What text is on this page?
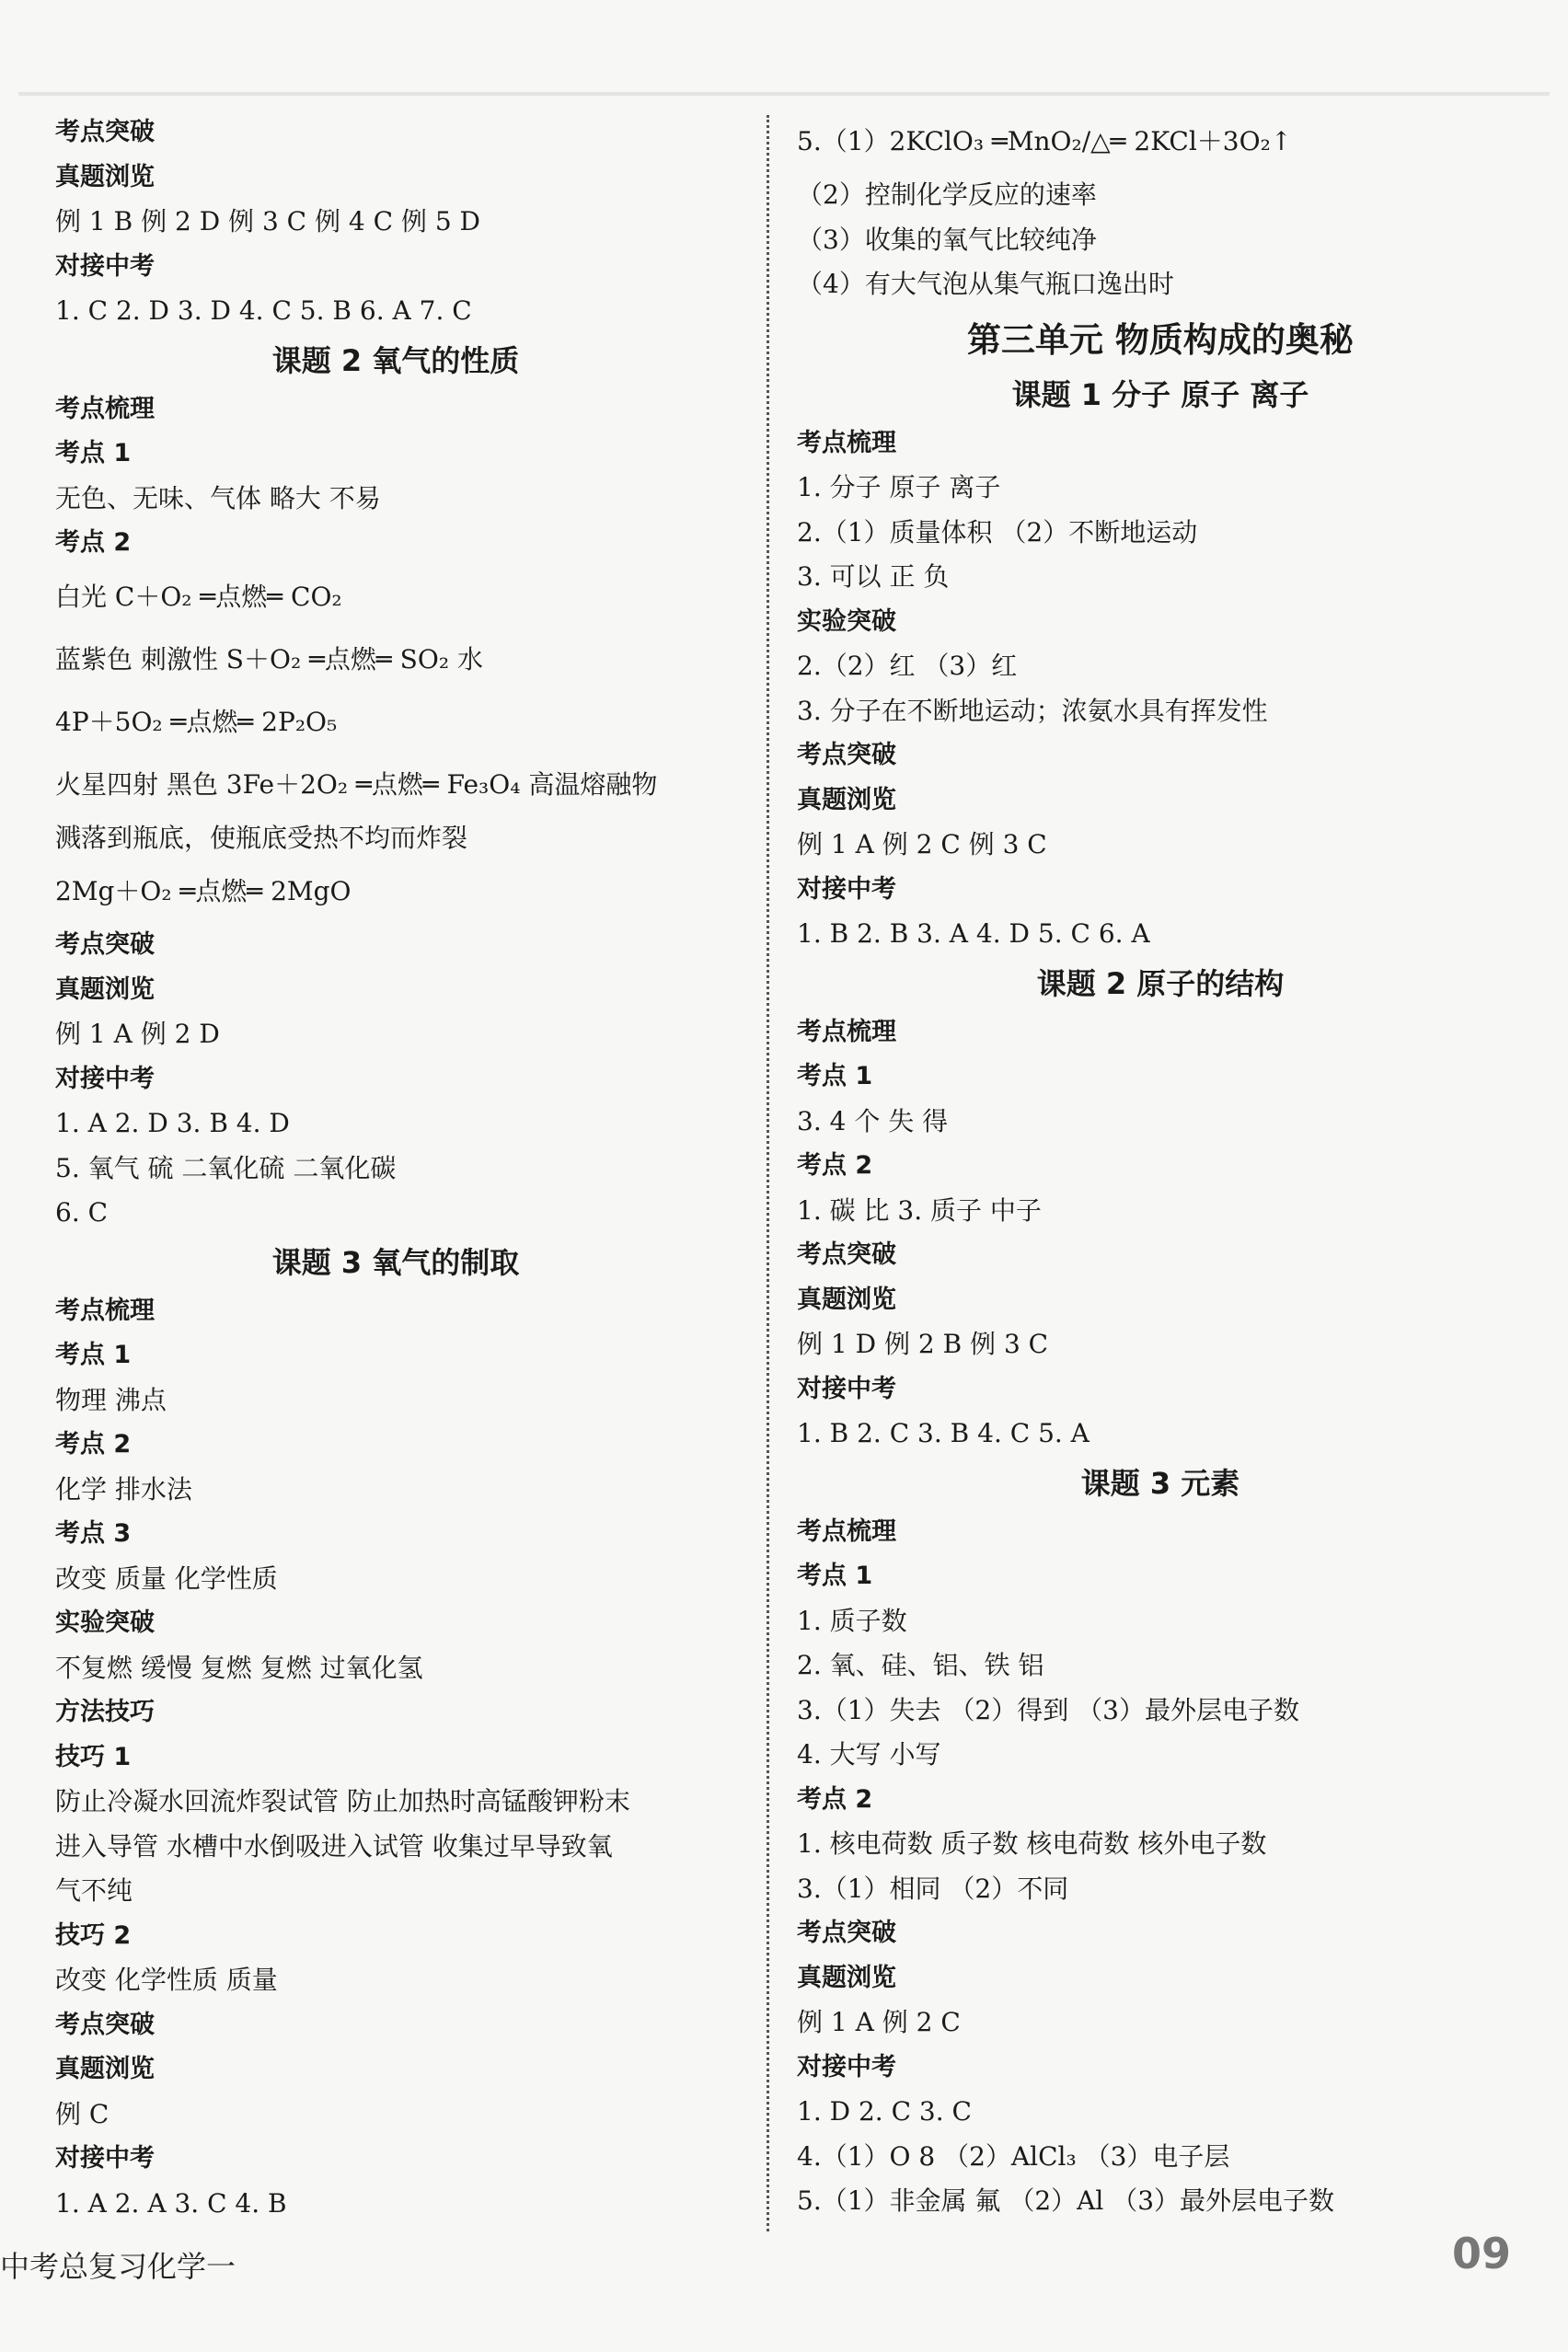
考点突破
真题浏览
例 1 B 例 2 D 例 3 C 例 4 C 例 5 D
对接中考
1. C 2. D 3. D 4. C 5. B 6. A 7. C
课题 2 氧气的性质
考点梳理
考点 1
无色、无味、气体 略大 不易
考点 2
白光 C＋O₂ ═点燃═ CO₂
蓝紫色 刺激性 S＋O₂ ═点燃═ SO₂ 水
4P＋5O₂ ═点燃═ 2P₂O₅
火星四射 黑色 3Fe＋2O₂ ═点燃═ Fe₃O₄ 高温熔融物
溅落到瓶底，使瓶底受热不均而炸裂
2Mg＋O₂ ═点燃═ 2MgO
考点突破
真题浏览
例 1 A 例 2 D
对接中考
1. A 2. D 3. B 4. D
5. 氧气 硫 二氧化硫 二氧化碳
6. C
课题 3 氧气的制取
考点梳理
考点 1
物理 沸点
考点 2
化学 排水法
考点 3
改变 质量 化学性质
实验突破
不复燃 缓慢 复燃 复燃 过氧化氢
方法技巧
技巧 1
防止冷凝水回流炸裂试管 防止加热时高锰酸钾粉末
进入导管 水槽中水倒吸进入试管 收集过早导致氧
气不纯
技巧 2
改变 化学性质 质量
考点突破
真题浏览
例 C
对接中考
1. A 2. A 3. C 4. B
5.（1）2KClO₃ ═MnO₂/△═ 2KCl＋3O₂↑
（2）控制化学反应的速率
（3）收集的氧气比较纯净
（4）有大气泡从集气瓶口逸出时
第三单元 物质构成的奥秘
课题 1 分子 原子 离子
考点梳理
1. 分子 原子 离子
2.（1）质量体积 （2）不断地运动
3. 可以 正 负
实验突破
2.（2）红 （3）红
3. 分子在不断地运动；浓氨水具有挥发性
考点突破
真题浏览
例 1 A 例 2 C 例 3 C
对接中考
1. B 2. B 3. A 4. D 5. C 6. A
课题 2 原子的结构
考点梳理
考点 1
3. 4 个 失 得
考点 2
1. 碳 比 3. 质子 中子
考点突破
真题浏览
例 1 D 例 2 B 例 3 C
对接中考
1. B 2. C 3. B 4. C 5. A
课题 3 元素
考点梳理
考点 1
1. 质子数
2. 氧、硅、铝、铁 铝
3.（1）失去 （2）得到 （3）最外层电子数
4. 大写 小写
考点 2
1. 核电荷数 质子数 核电荷数 核外电子数
3.（1）相同 （2）不同
考点突破
真题浏览
例 1 A 例 2 C
对接中考
1. D 2. C 3. C
4.（1）O 8 （2）AlCl₃ （3）电子层
5.（1）非金属 氟 （2）Al （3）最外层电子数
中考总复习化学一	09
